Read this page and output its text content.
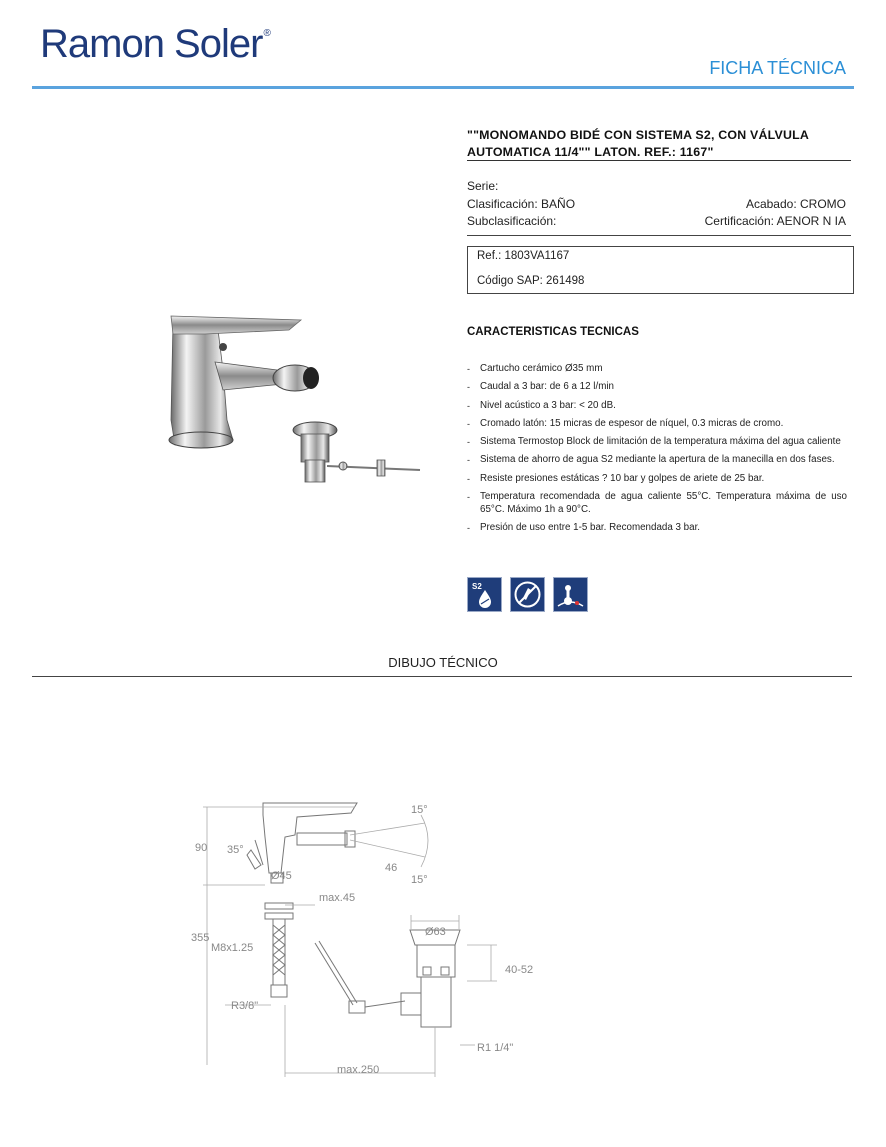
Ramon Soler®
FICHA TÉCNICA
""MONOMANDO BIDÉ CON SISTEMA S2, CON VÁLVULA AUTOMATICA 11/4"" LATON. REF.: 1167"
Serie:
Clasificación: BAÑO
Subclasificación:
Acabado: CROMO
Certificación: AENOR N IA
Ref.: 1803VA1167
Código SAP: 261498
CARACTERISTICAS TECNICAS
- Cartucho cerámico Ø35 mm
- Caudal a 3 bar: de 6 a 12 l/min
- Nivel acústico a 3 bar: < 20 dB.
- Cromado latón: 15 micras de espesor de níquel, 0.3 micras de cromo.
- Sistema Termostop Block de limitación de la temperatura máxima del agua caliente
- Sistema de ahorro de agua S2 mediante la apertura de la manecilla en dos fases.
- Resiste presiones estáticas ? 10 bar y golpes de ariete de 25 bar.
- Temperatura recomendada de agua caliente 55°C. Temperatura máxima de uso 65°C. Máximo 1h a 90°C.
- Presión de uso entre 1-5 bar. Recomendada 3 bar.
S2
DIBUJO TÉCNICO
15°
15°
35°
90
46
Ø45
max.45
355
M8x1.25
R3/8"
Ø63
40-52
R1 1/4"
max.250
